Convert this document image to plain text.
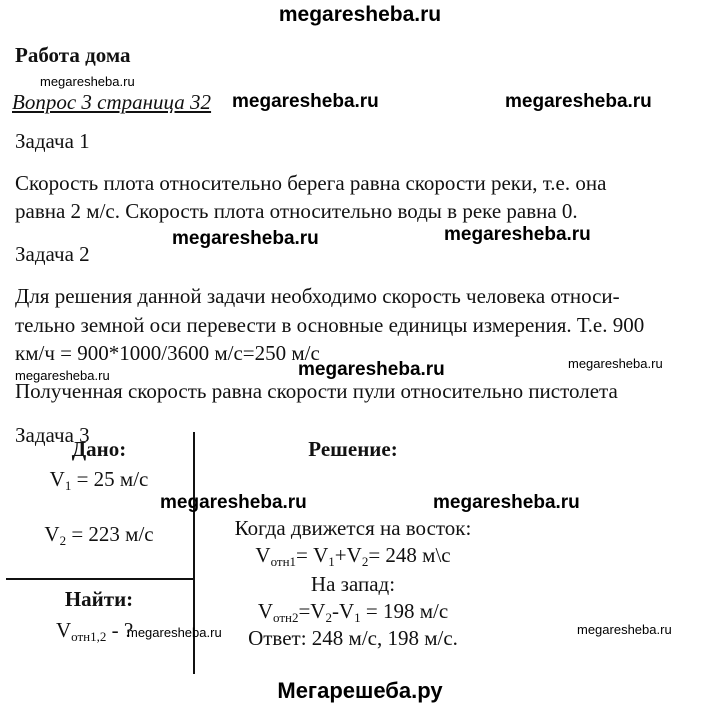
megaresheba.ru
Работа дома
megaresheba.ru
Вопрос 3 страница 32 megaresheba.ru	megaresheba.ru
Задача 1
Скорость плота относительно берега равна скорости реки, т.е. она
равна 2 м/с. Скорость плота относительно воды в реке равна 0.
megaresheba.ru	megaresheba.ru
Задача 2
Для решения данной задачи необходимо скорость человека относи-
тельно земной оси перевести в основные единицы измерения. Т.е. 900
км/ч = 900*1000/3600 м/с=250 м/с	megaresheba.ru
megaresheba.ru
megaresheba.ru
Полученная скорость равна скорости пули относительно пистолета
Задача 3
Дано:
$V_1 = 25$ м/с
$V_2 = 223$ м/с
Найти:
$V_{отн1,2}$ - ?
Решение:
megaresheba.ru	megaresheba.ru
Когда движется на восток:
$V_{отн1}= V_1+V_2= 248$ м\с
На запад:
$V_{отн2}=V_2-V_1 = 198$ м/с
Ответ: 248 м/с, 198 м/с.
megaresheba.ru	megaresheba.ru
Мегарешеба.ру
